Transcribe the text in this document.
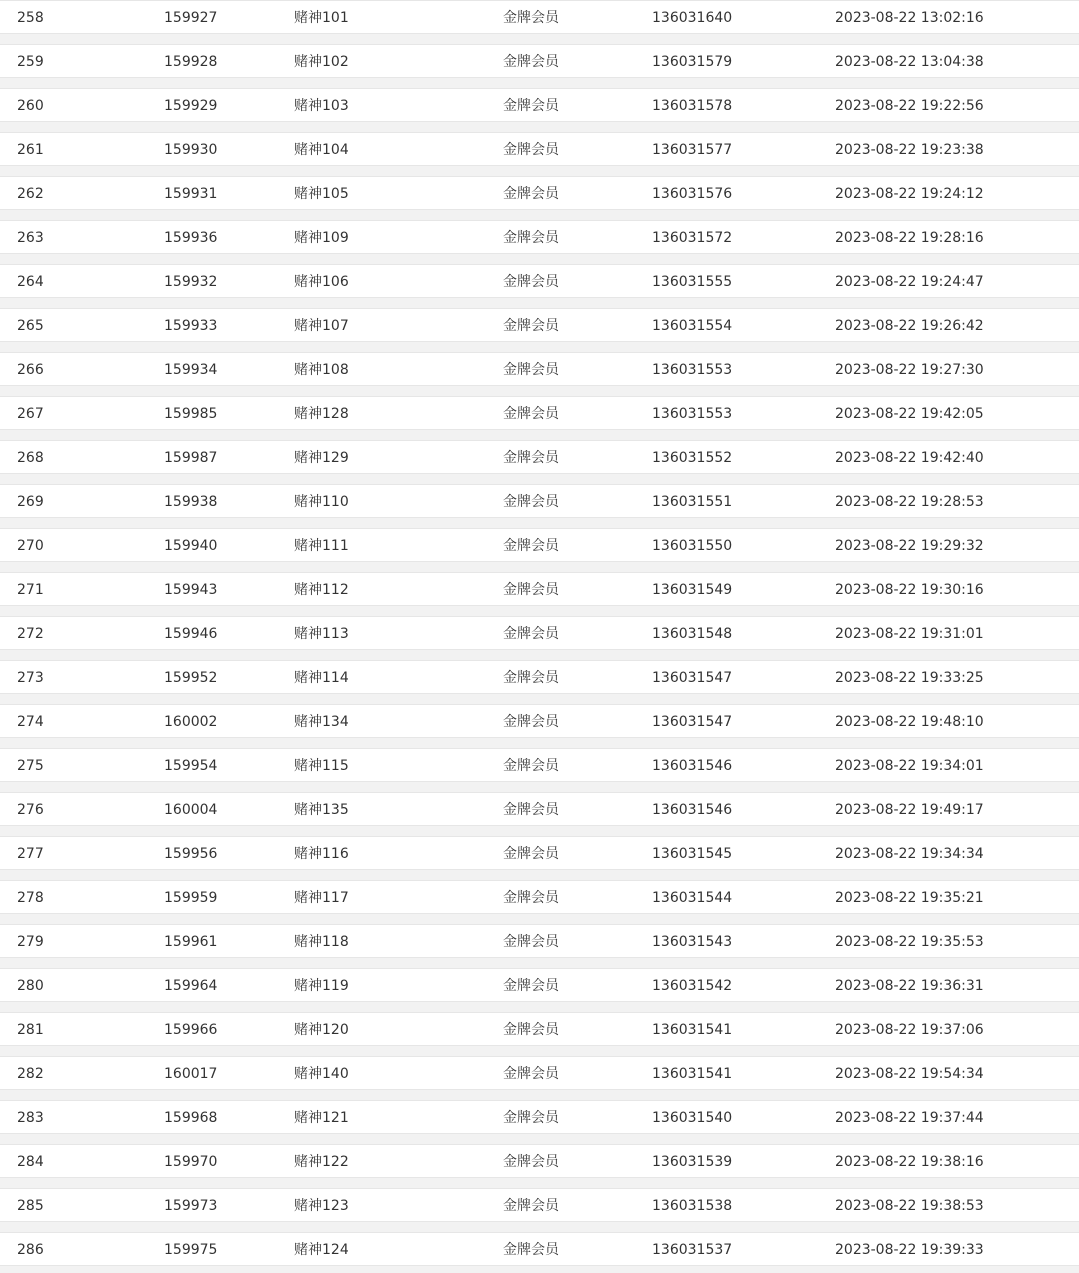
258	159927	赌神101	金牌会员	136031640	2023-08-22 13:02:16
259	159928	赌神102	金牌会员	136031579	2023-08-22 13:04:38
260	159929	赌神103	金牌会员	136031578	2023-08-22 19:22:56
261	159930	赌神104	金牌会员	136031577	2023-08-22 19:23:38
262	159931	赌神105	金牌会员	136031576	2023-08-22 19:24:12
263	159936	赌神109	金牌会员	136031572	2023-08-22 19:28:16
264	159932	赌神106	金牌会员	136031555	2023-08-22 19:24:47
265	159933	赌神107	金牌会员	136031554	2023-08-22 19:26:42
266	159934	赌神108	金牌会员	136031553	2023-08-22 19:27:30
267	159985	赌神128	金牌会员	136031553	2023-08-22 19:42:05
268	159987	赌神129	金牌会员	136031552	2023-08-22 19:42:40
269	159938	赌神110	金牌会员	136031551	2023-08-22 19:28:53
270	159940	赌神111	金牌会员	136031550	2023-08-22 19:29:32
271	159943	赌神112	金牌会员	136031549	2023-08-22 19:30:16
272	159946	赌神113	金牌会员	136031548	2023-08-22 19:31:01
273	159952	赌神114	金牌会员	136031547	2023-08-22 19:33:25
274	160002	赌神134	金牌会员	136031547	2023-08-22 19:48:10
275	159954	赌神115	金牌会员	136031546	2023-08-22 19:34:01
276	160004	赌神135	金牌会员	136031546	2023-08-22 19:49:17
277	159956	赌神116	金牌会员	136031545	2023-08-22 19:34:34
278	159959	赌神117	金牌会员	136031544	2023-08-22 19:35:21
279	159961	赌神118	金牌会员	136031543	2023-08-22 19:35:53
280	159964	赌神119	金牌会员	136031542	2023-08-22 19:36:31
281	159966	赌神120	金牌会员	136031541	2023-08-22 19:37:06
282	160017	赌神140	金牌会员	136031541	2023-08-22 19:54:34
283	159968	赌神121	金牌会员	136031540	2023-08-22 19:37:44
284	159970	赌神122	金牌会员	136031539	2023-08-22 19:38:16
285	159973	赌神123	金牌会员	136031538	2023-08-22 19:38:53
286	159975	赌神124	金牌会员	136031537	2023-08-22 19:39:33
